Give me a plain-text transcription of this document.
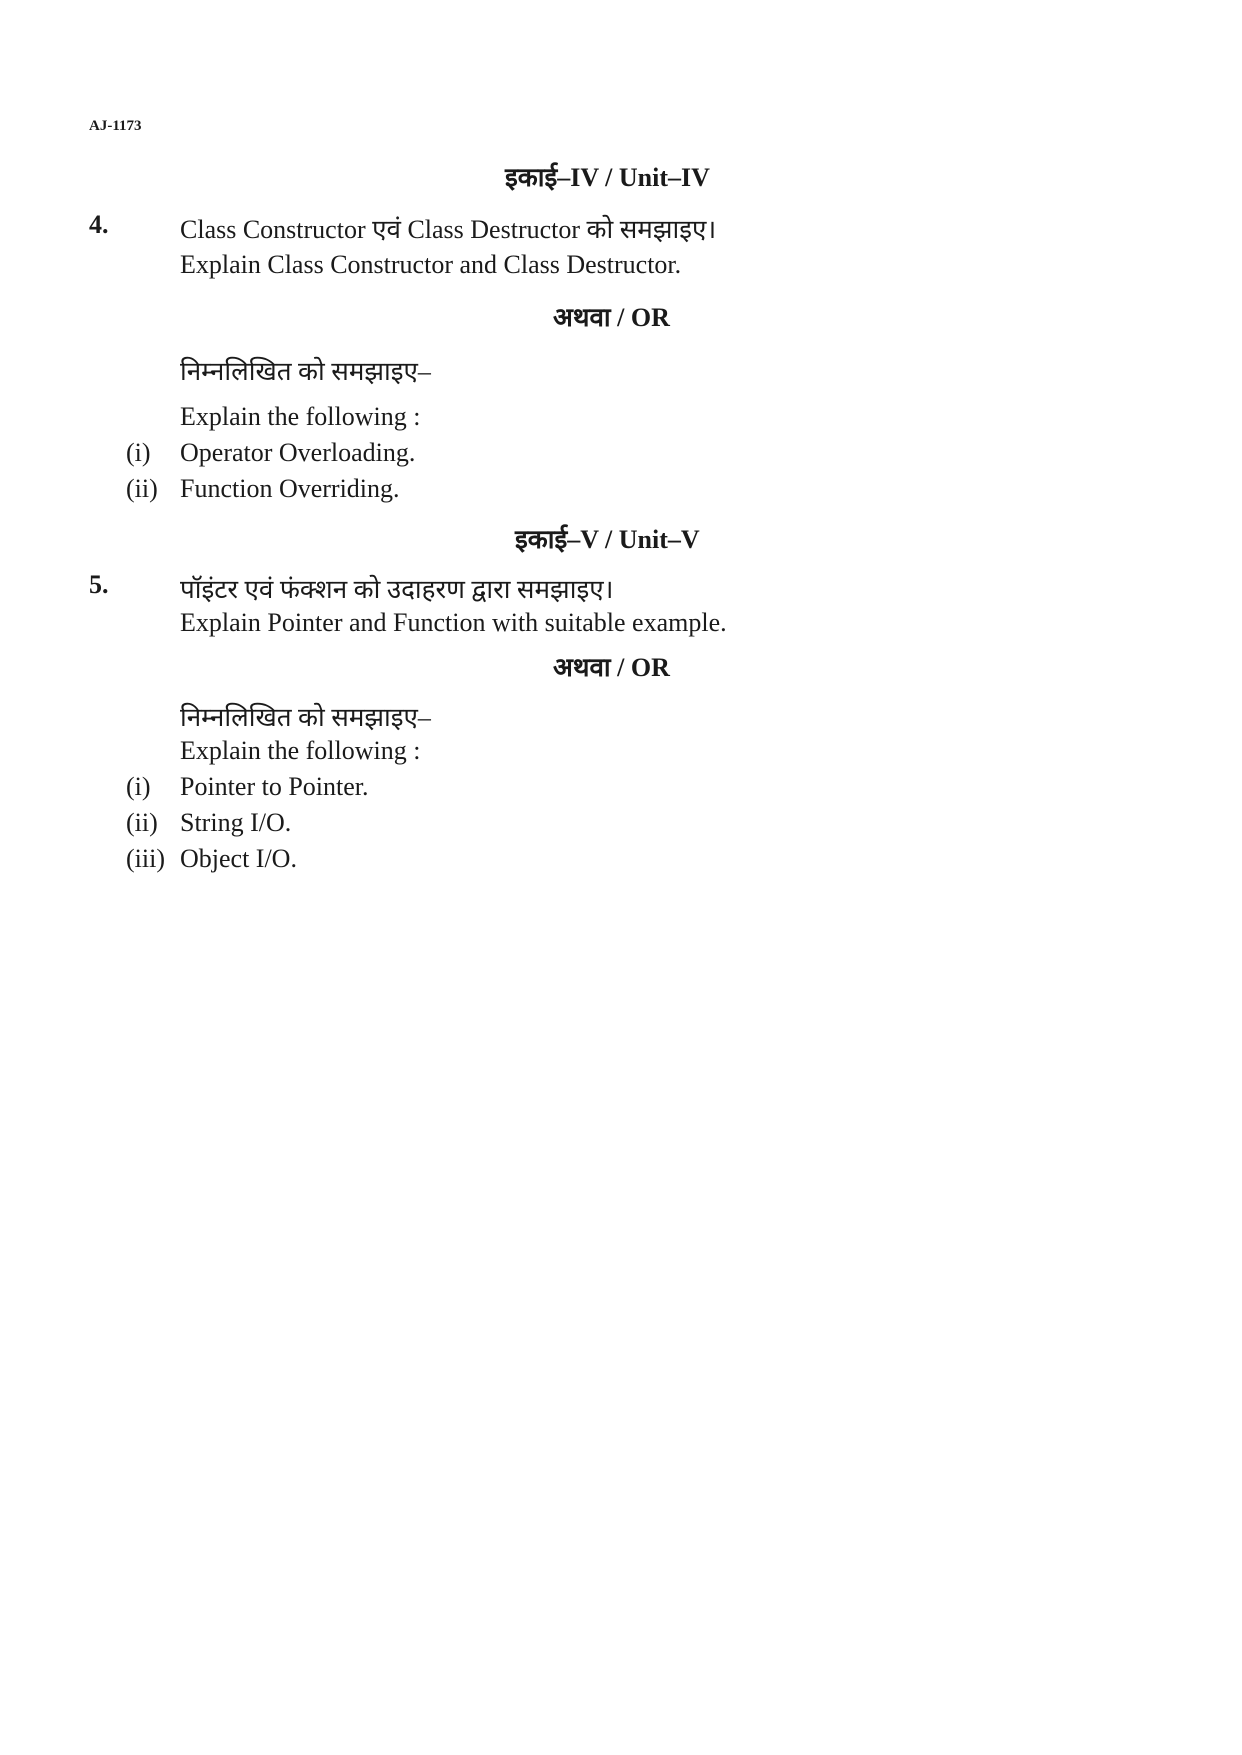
AJ-1173
इकाई–IV / Unit–IV
4.	Class Constructor एवं Class Destructor को समझाइए।
Explain Class Constructor and Class Destructor.
अथवा / OR
निम्नलिखित को समझाइए–
Explain the following :
(i) Operator Overloading.
(ii) Function Overriding.
इकाई–V / Unit–V
5.	पॉइंटर एवं फंक्शन को उदाहरण द्वारा समझाइए।
Explain Pointer and Function with suitable example.
अथवा / OR
निम्नलिखित को समझाइए–
Explain the following :
(i) Pointer to Pointer.
(ii) String I/O.
(iii) Object I/O.
